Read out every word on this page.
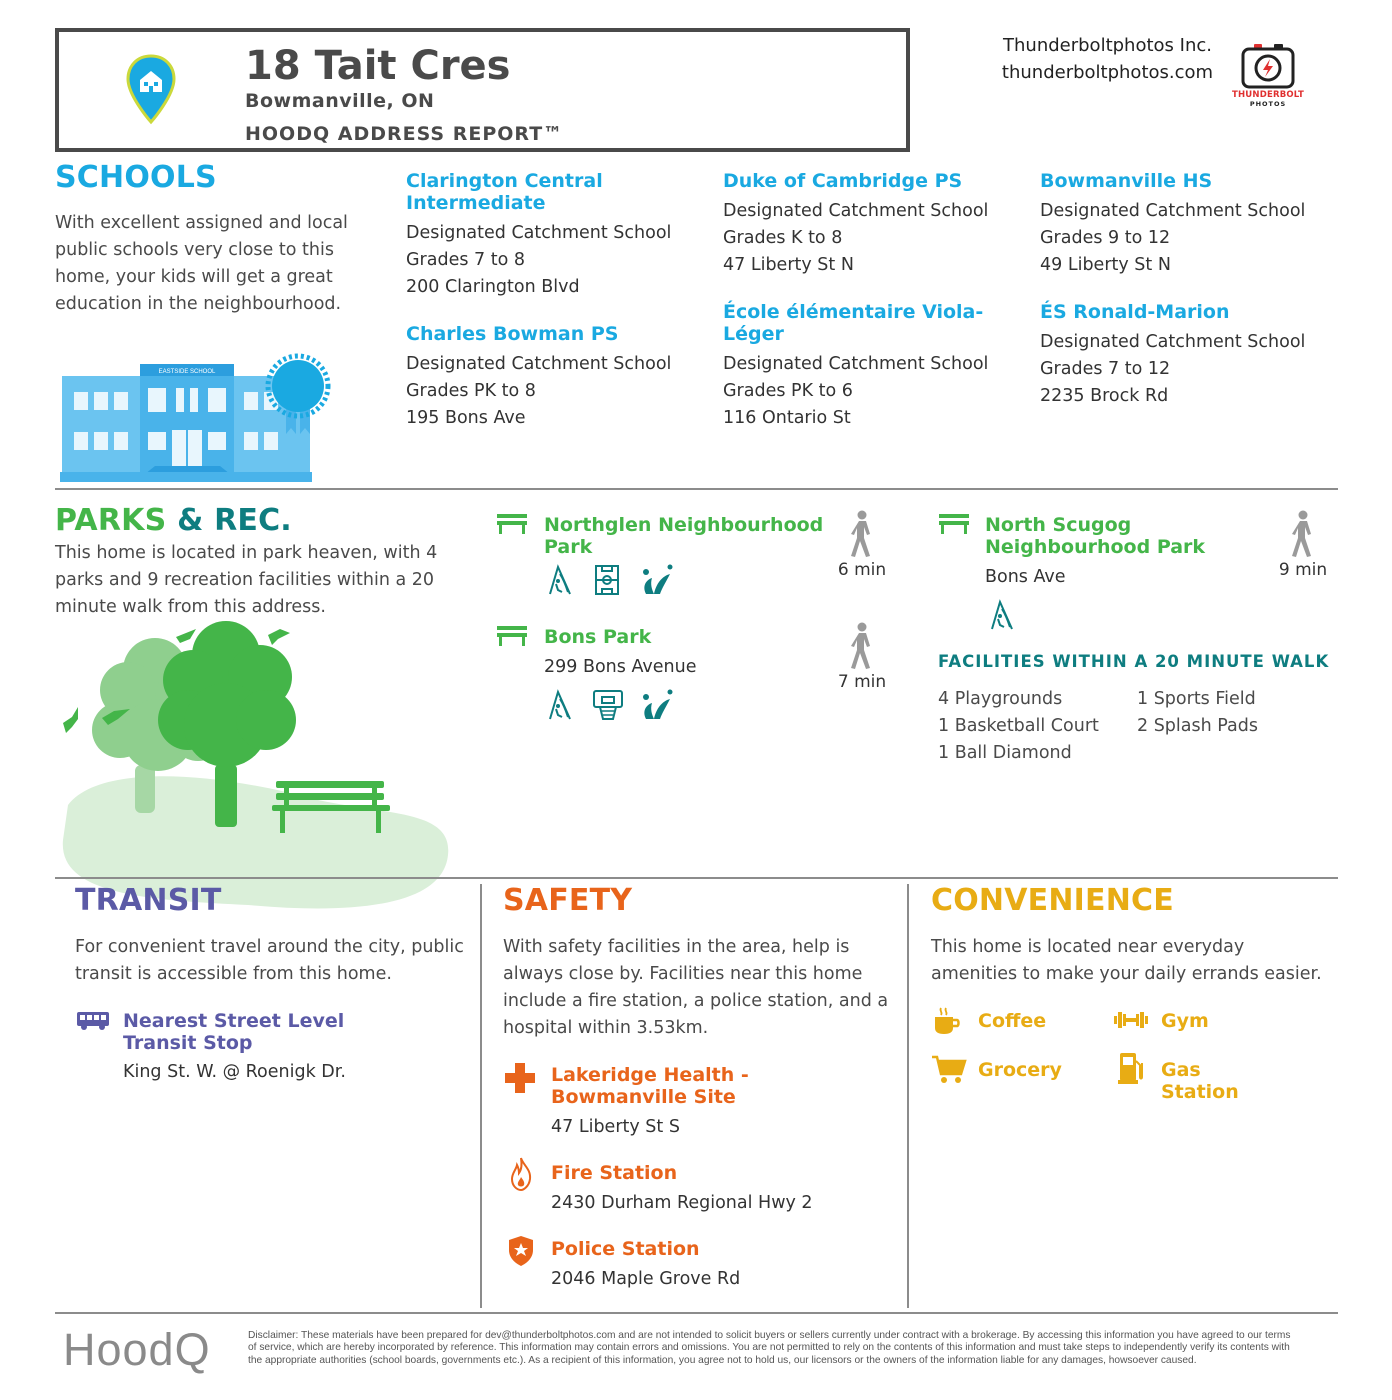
18 Tait Cres
Bowmanville, ON
HOODQ ADDRESS REPORT™
Thunderboltphotos Inc.
thunderboltphotos.com
THUNDERBOLT
PHOTOS
SCHOOLS
With excellent assigned and local public schools very close to this home, your kids will get a great education in the neighbourhood.
EASTSIDE SCHOOL
Clarington Central Intermediate
Designated Catchment School
Grades 7 to 8
200 Clarington Blvd
Charles Bowman PS
Designated Catchment School
Grades PK to 8
195 Bons Ave
Duke of Cambridge PS
Designated Catchment School
Grades K to 8
47 Liberty St N
École élémentaire Viola-Léger
Designated Catchment School
Grades PK to 6
116 Ontario St
Bowmanville HS
Designated Catchment School
Grades 9 to 12
49 Liberty St N
ÉS Ronald-Marion
Designated Catchment School
Grades 7 to 12
2235 Brock Rd
PARKS & REC.
This home is located in park heaven, with 4 parks and 9 recreation facilities within a 20 minute walk from this address.
Northglen Neighbourhood Park
6 min
Bons Park
299 Bons Avenue
7 min
North Scugog Neighbourhood Park
Bons Ave	9 min
FACILITIES WITHIN A 20 MINUTE WALK
4 Playgrounds	1 Sports Field
1 Basketball Court 2 Splash Pads
1 Ball Diamond
TRANSIT
For convenient travel around the city, public transit is accessible from this home.
Nearest Street Level Transit Stop
King St. W. @ Roenigk Dr.
SAFETY
With safety facilities in the area, help is always close by. Facilities near this home include a fire station, a police station, and a hospital within 3.53km.
Lakeridge Health - Bowmanville Site
47 Liberty St S
Fire Station
2430 Durham Regional Hwy 2
Police Station
2046 Maple Grove Rd
CONVENIENCE
This home is located near everyday amenities to make your daily errands easier.
Coffee	Gym
Grocery	Gas Station
HoodQ	Disclaimer: These materials have been prepared for dev@thunderboltphotos.com and are not intended to solicit buyers or sellers currently under contract with a brokerage. By accessing this information you have agreed to our terms
of service, which are hereby incorporated by reference. This information may contain errors and omissions. You are not permitted to rely on the contents of this information and must take steps to independently verify its contents with
the appropriate authorities (school boards, governments etc.). As a recipient of this information, you agree not to hold us, our licensors or the owners of the information liable for any damages, howsoever caused.
